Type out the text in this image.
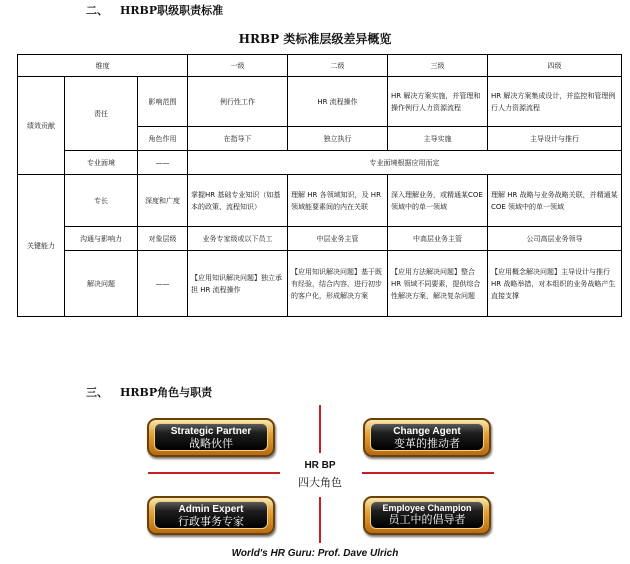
二、 HRBP职级职责标准
HRBP 类标准层级差异概览
维度			一级	二级	三级	四级
绩效贡献	责任	影响范围	例行性工作	HR 流程操作	HR 解决方案实施，并管理和操作例行人力资源流程	HR 解决方案集成设计，并监控和管理例行人力资源流程
		角色作用	在指导下	独立执行	主导实施	主导设计与推行
	专业面境	——	专业面境根据应用而定			
关键能力	专长	深度和广度	掌握HR 基础专业知识（如基本的政策、流程知识）	理解 HR 各领域知识，及 HR 领域能要素间的内在关联	深入理解业务，或精通某COE 领域中的单一领域	理解 HR 战略与业务战略关联，并精通某 COE 领域中的单一领域
	沟通与影响力	对象层级	业务专家级或以下员工	中层业务主管	中高层业务主管	公司高层业务领导
	解决问题	——	【应用知识解决问题】独立承担 HR 流程操作	【应用知识解决问题】基于既有经验，结合内容，进行初步的客户化，形成解决方案	【应用方法解决问题】整合HR 领域不同要素，提供综合性解决方案，解决复杂问题	【应用概念解决问题】主导设计与推行 HR 战略举措，对本组织的业务战略产生直接支撑
三、 HRBP角色与职责
Strategic Partner
战略伙伴
Change Agent
变革的推动者
Admin Expert
行政事务专家
Employee Champion
员工中的倡导者
HR BP
四大角色
World's HR Guru: Prof. Dave Ulrich
